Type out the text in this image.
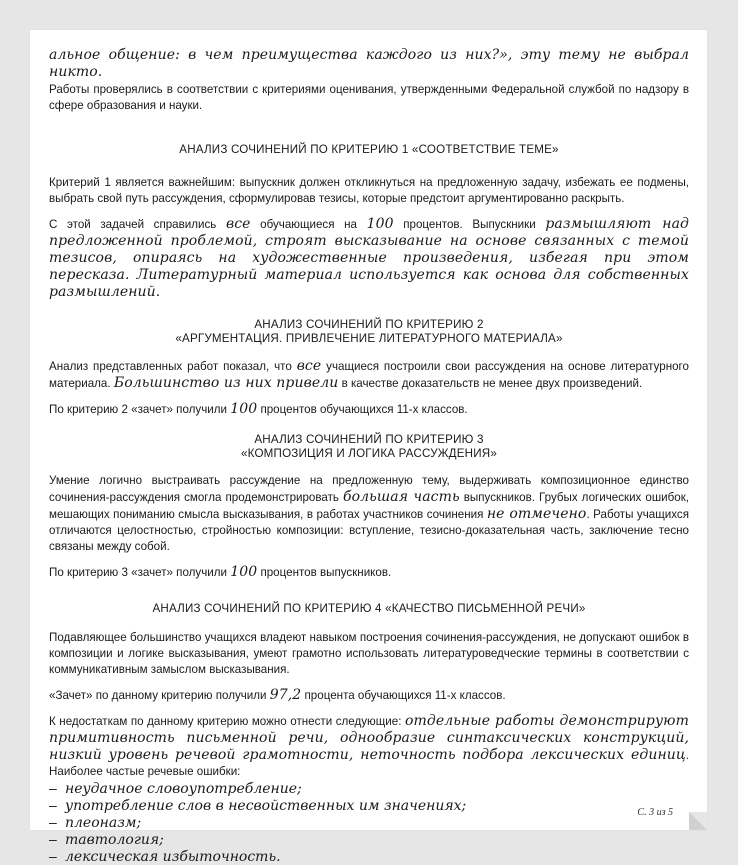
альное общение: в чем преимущества каждого из них?», эту тему не выбрал никто.

Работы проверялись в соответствии с критериями оценивания, утвержденными Федеральной службой по надзору в сфере образования и науки.

АНАЛИЗ СОЧИНЕНИЙ ПО КРИТЕРИЮ 1 «СООТВЕТСТВИЕ ТЕМЕ»

Критерий 1 является важнейшим: выпускник должен откликнуться на предложенную задачу, избежать ее подмены, выбрать свой путь рассуждения, сформулировав тезисы, которые предстоит аргументированно раскрыть.

С этой задачей справились все обучающиеся на 100 процентов. Выпускники размышляют над предложенной проблемой, строят высказывание на основе связанных с темой тезисов, опираясь на художественные произведения, избегая при этом пересказа. Литературный материал используется как основа для собственных размышлений.

АНАЛИЗ СОЧИНЕНИЙ ПО КРИТЕРИЮ 2
«АРГУМЕНТАЦИЯ. ПРИВЛЕЧЕНИЕ ЛИТЕРАТУРНОГО МАТЕРИАЛА»

Анализ представленных работ показал, что все учащиеся построили свои рассуждения на основе литературного материала. Большинство из них привели в качестве доказательств не менее двух произведений.

По критерию 2 «зачет» получили 100 процентов обучающихся 11-х классов.

АНАЛИЗ СОЧИНЕНИЙ ПО КРИТЕРИЮ 3
«КОМПОЗИЦИЯ И ЛОГИКА РАССУЖДЕНИЯ»

Умение логично выстраивать рассуждение на предложенную тему, выдерживать композиционное единство сочинения-рассуждения смогла продемонстрировать большая часть выпускников. Грубых логических ошибок, мешающих пониманию смысла высказывания, в работах участников сочинения не отмечено. Работы учащихся отличаются целостностью, стройностью композиции: вступление, тезисно-доказательная часть, заключение тесно связаны между собой.

По критерию 3 «зачет» получили 100 процентов выпускников.

АНАЛИЗ СОЧИНЕНИЙ ПО КРИТЕРИЮ 4 «КАЧЕСТВО ПИСЬМЕННОЙ РЕЧИ»

Подавляющее большинство учащихся владеют навыком построения сочинения-рассуждения, не допускают ошибок в композиции и логике высказывания, умеют грамотно использовать литературоведческие термины в соответствии с коммуникативным замыслом высказывания.

«Зачет» по данному критерию получили 97,2 процента обучающихся 11-х классов.

К недостаткам по данному критерию можно отнести следующие: отдельные работы демонстрируют примитивность письменной речи, однообразие синтаксических конструкций, низкий уровень речевой грамотности, неточность подбора лексических единиц. Наиболее частые речевые ошибки:

– неудачное словоупотребление;
– употребление слов в несвойственных им значениях;
– плеоназм;
– тавтология;
– лексическая избыточность.
С. 3 из 5
